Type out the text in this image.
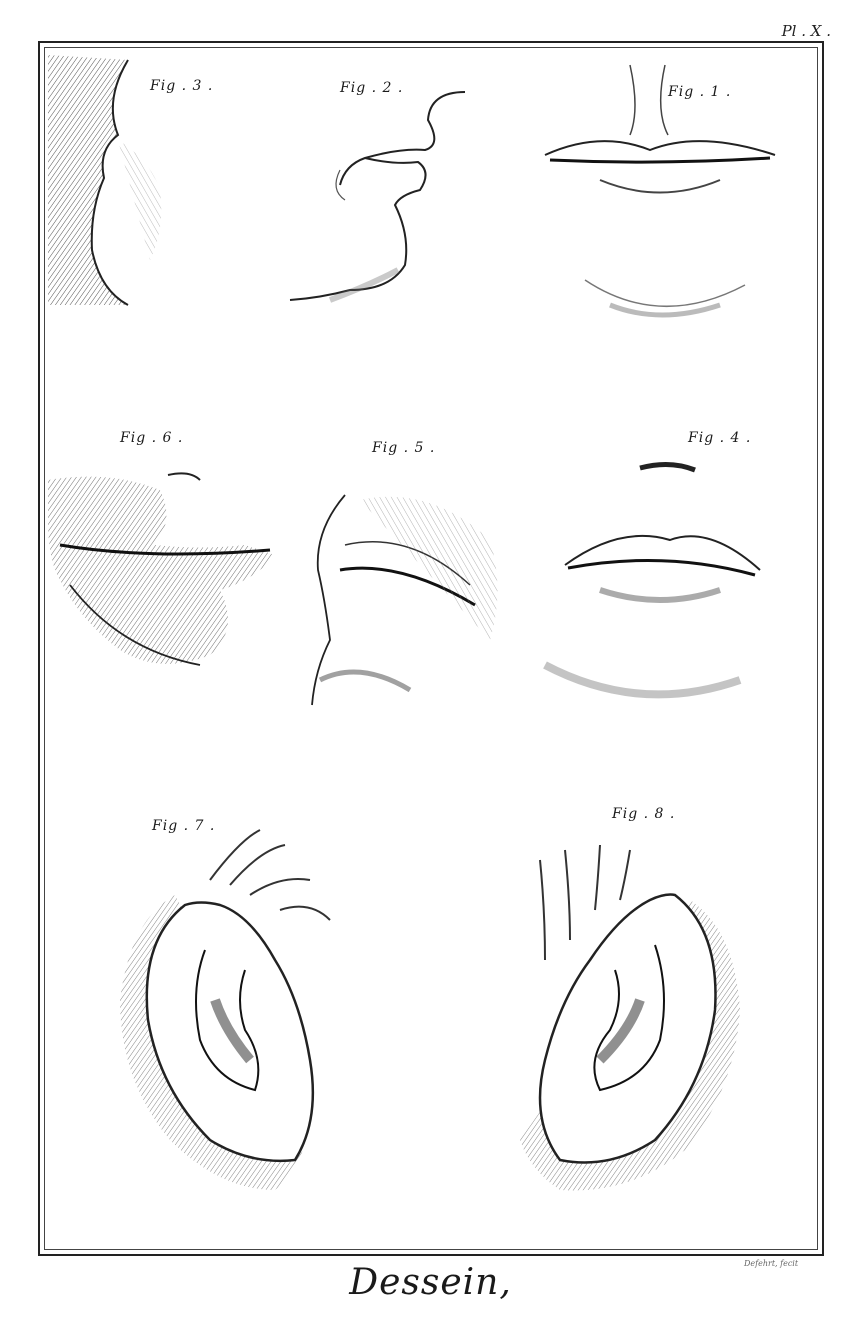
Pl . X .
Fig . 1 .
Fig . 2 .
Fig . 3 .
Fig . 4 .
Fig . 5 .
Fig . 6 .
Fig . 7 .
Fig . 8 .
Defehrt, fecit
Dessein,
